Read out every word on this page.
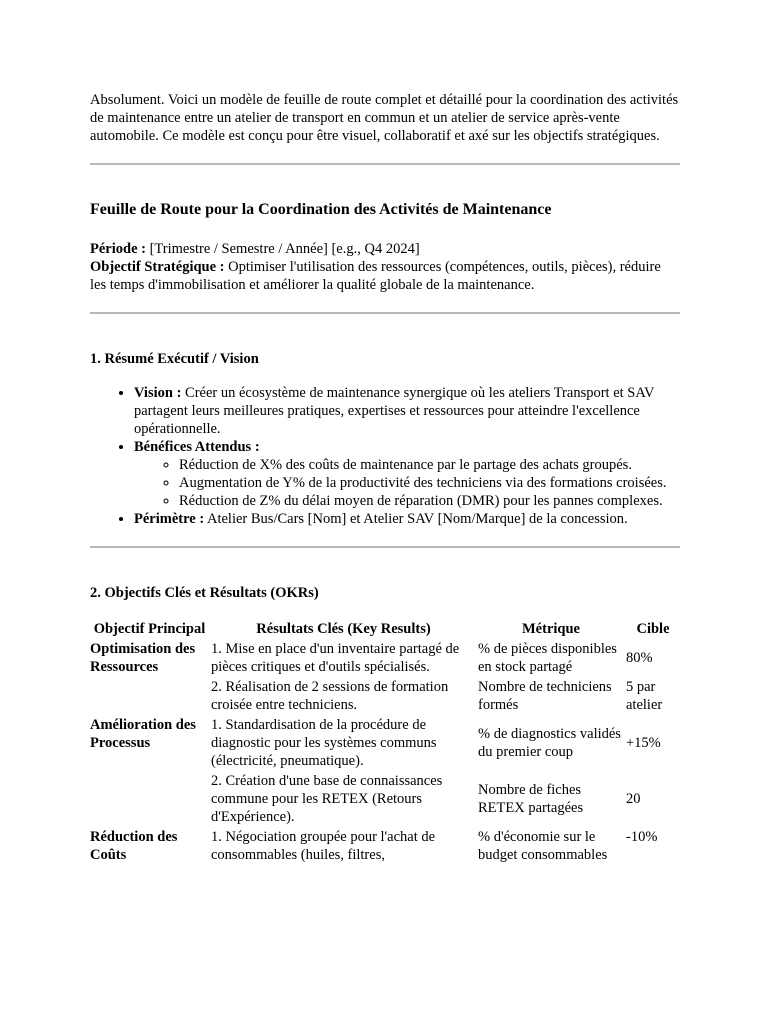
Absolument. Voici un modèle de feuille de route complet et détaillé pour la coordination des activités de maintenance entre un atelier de transport en commun et un atelier de service après-vente automobile. Ce modèle est conçu pour être visuel, collaboratif et axé sur les objectifs stratégiques.

Feuille de Route pour la Coordination des Activités de Maintenance

Période : [Trimestre / Semestre / Année] [e.g., Q4 2024]

Objectif Stratégique : Optimiser l'utilisation des ressources (compétences, outils, pièces), réduire les temps d'immobilisation et améliorer la qualité globale de la maintenance.

1. Résumé Exécutif / Vision
• Vision : Créer un écosystème de maintenance synergique où les ateliers Transport et SAV partagent leurs meilleures pratiques, expertises et ressources pour atteindre l'excellence opérationnelle.
• Bénéfices Attendus :
◦ Réduction de X% des coûts de maintenance par le partage des achats groupés.
◦ Augmentation de Y% de la productivité des techniciens via des formations croisées.
◦ Réduction de Z% du délai moyen de réparation (DMR) pour les pannes complexes.
• Périmètre : Atelier Bus/Cars [Nom] et Atelier SAV [Nom/Marque] de la concession.
2. Objectifs Clés et Résultats (OKRs)
Objectif Principal	Résultats Clés (Key Results)	Métrique	Cible
Optimisation des Ressources	1. Mise en place d'un inventaire partagé de pièces critiques et d'outils spécialisés.	% de pièces disponibles en stock partagé	80%
	2. Réalisation de 2 sessions de formation croisée entre techniciens.	Nombre de techniciens formés	5 par atelier
Amélioration des Processus	1. Standardisation de la procédure de diagnostic pour les systèmes communs (électricité, pneumatique).	% de diagnostics validés du premier coup	+15%
	2. Création d'une base de connaissances commune pour les RETEX (Retours d'Expérience).	Nombre de fiches RETEX partagées	20
Réduction des Coûts	1. Négociation groupée pour l'achat de consommables (huiles, filtres,	% d'économie sur le budget consommables	-10%
